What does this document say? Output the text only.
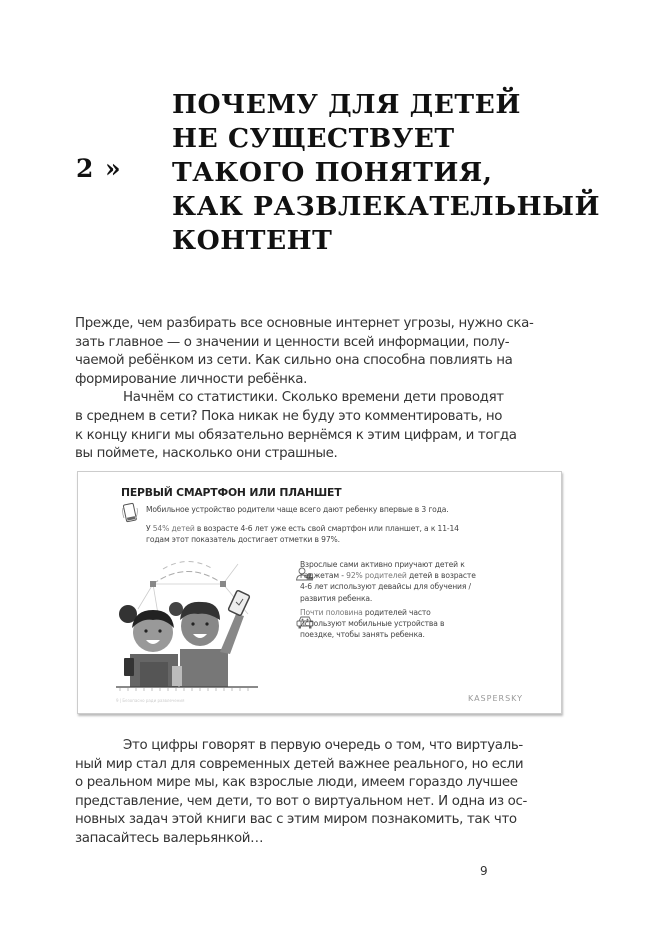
2 »
ПОЧЕМУ ДЛЯ ДЕТЕЙ
НЕ СУЩЕСТВУЕТ
ТАКОГО ПОНЯТИЯ,
КАК РАЗВЛЕКАТЕЛЬНЫЙ
КОНТЕНТ
Прежде, чем разбирать все основные интернет угрозы, нужно ска-
зать главное — о значении и ценности всей информации, полу-
чаемой ребёнком из сети. Как сильно она способна повлиять на
формирование личности ребёнка.
Начнём со статистики. Сколько времени дети проводят
в среднем в сети? Пока никак не буду это комментировать, но
к концу книги мы обязательно вернёмся к этим цифрам, и тогда
вы поймете, насколько они страшные.
ПЕРВЫЙ СМАРТФОН ИЛИ ПЛАНШЕТ
Мобильное устройство родители чаще всего дают ребенку впервые в 3 года.
У 54% детей в возрасте 4-6 лет уже есть свой смартфон или планшет, а к 11-14
годам этот показатель достигает отметки в 97%.
Взрослые сами активно приучают детей к
гаджетам - 92% родителей детей в возрасте
4-6 лет используют девайсы для обучения /
развития ребенка.
Почти половина родителей часто
используют мобильные устройства в
поездке, чтобы занять ребенка.
9 | Безопасно ради развлечения	KASPERSKY
Это цифры говорят в первую очередь о том, что виртуаль-
ный мир стал для современных детей важнее реального, но если
о реальном мире мы, как взрослые люди, имеем гораздо лучшее
представление, чем дети, то вот о виртуальном нет. И одна из ос-
новных задач этой книги вас с этим миром познакомить, так что
запасайтесь валерьянкой…
9
